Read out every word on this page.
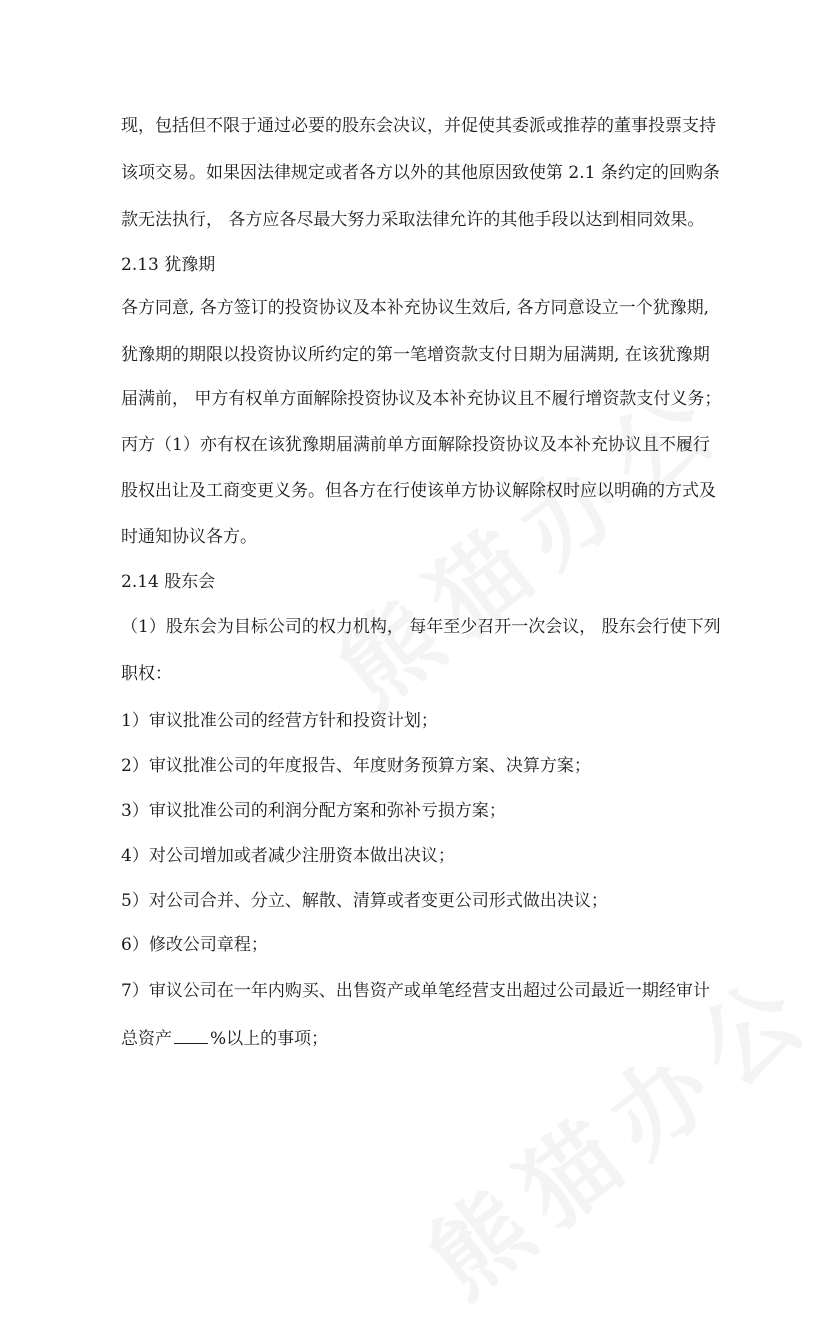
现，包括但不限于通过必要的股东会决议，并促使其委派或推荐的董事投票支持
该项交易。如果因法律规定或者各方以外的其他原因致使第 2.1 条约定的回购条
款无法执行， 各方应各尽最大努力采取法律允许的其他手段以达到相同效果。
2.13 犹豫期
各方同意, 各方签订的投资协议及本补充协议生效后, 各方同意设立一个犹豫期,
犹豫期的期限以投资协议所约定的第一笔增资款支付日期为届满期, 在该犹豫期
届满前， 甲方有权单方面解除投资协议及本补充协议且不履行增资款支付义务；
丙方（1）亦有权在该犹豫期届满前单方面解除投资协议及本补充协议且不履行
股权出让及工商变更义务。但各方在行使该单方协议解除权时应以明确的方式及
时通知协议各方。
2.14 股东会
（1）股东会为目标公司的权力机构， 每年至少召开一次会议， 股东会行使下列
职权：
1）审议批准公司的经营方针和投资计划；
2）审议批准公司的年度报告、年度财务预算方案、决算方案；
3）审议批准公司的利润分配方案和弥补亏损方案；
4）对公司增加或者减少注册资本做出决议；
5）对公司合并、分立、解散、清算或者变更公司形式做出决议；
6）修改公司章程；
7）审议公司在一年内购买、出售资产或单笔经营支出超过公司最近一期经审计
总资产 %以上的事项；
